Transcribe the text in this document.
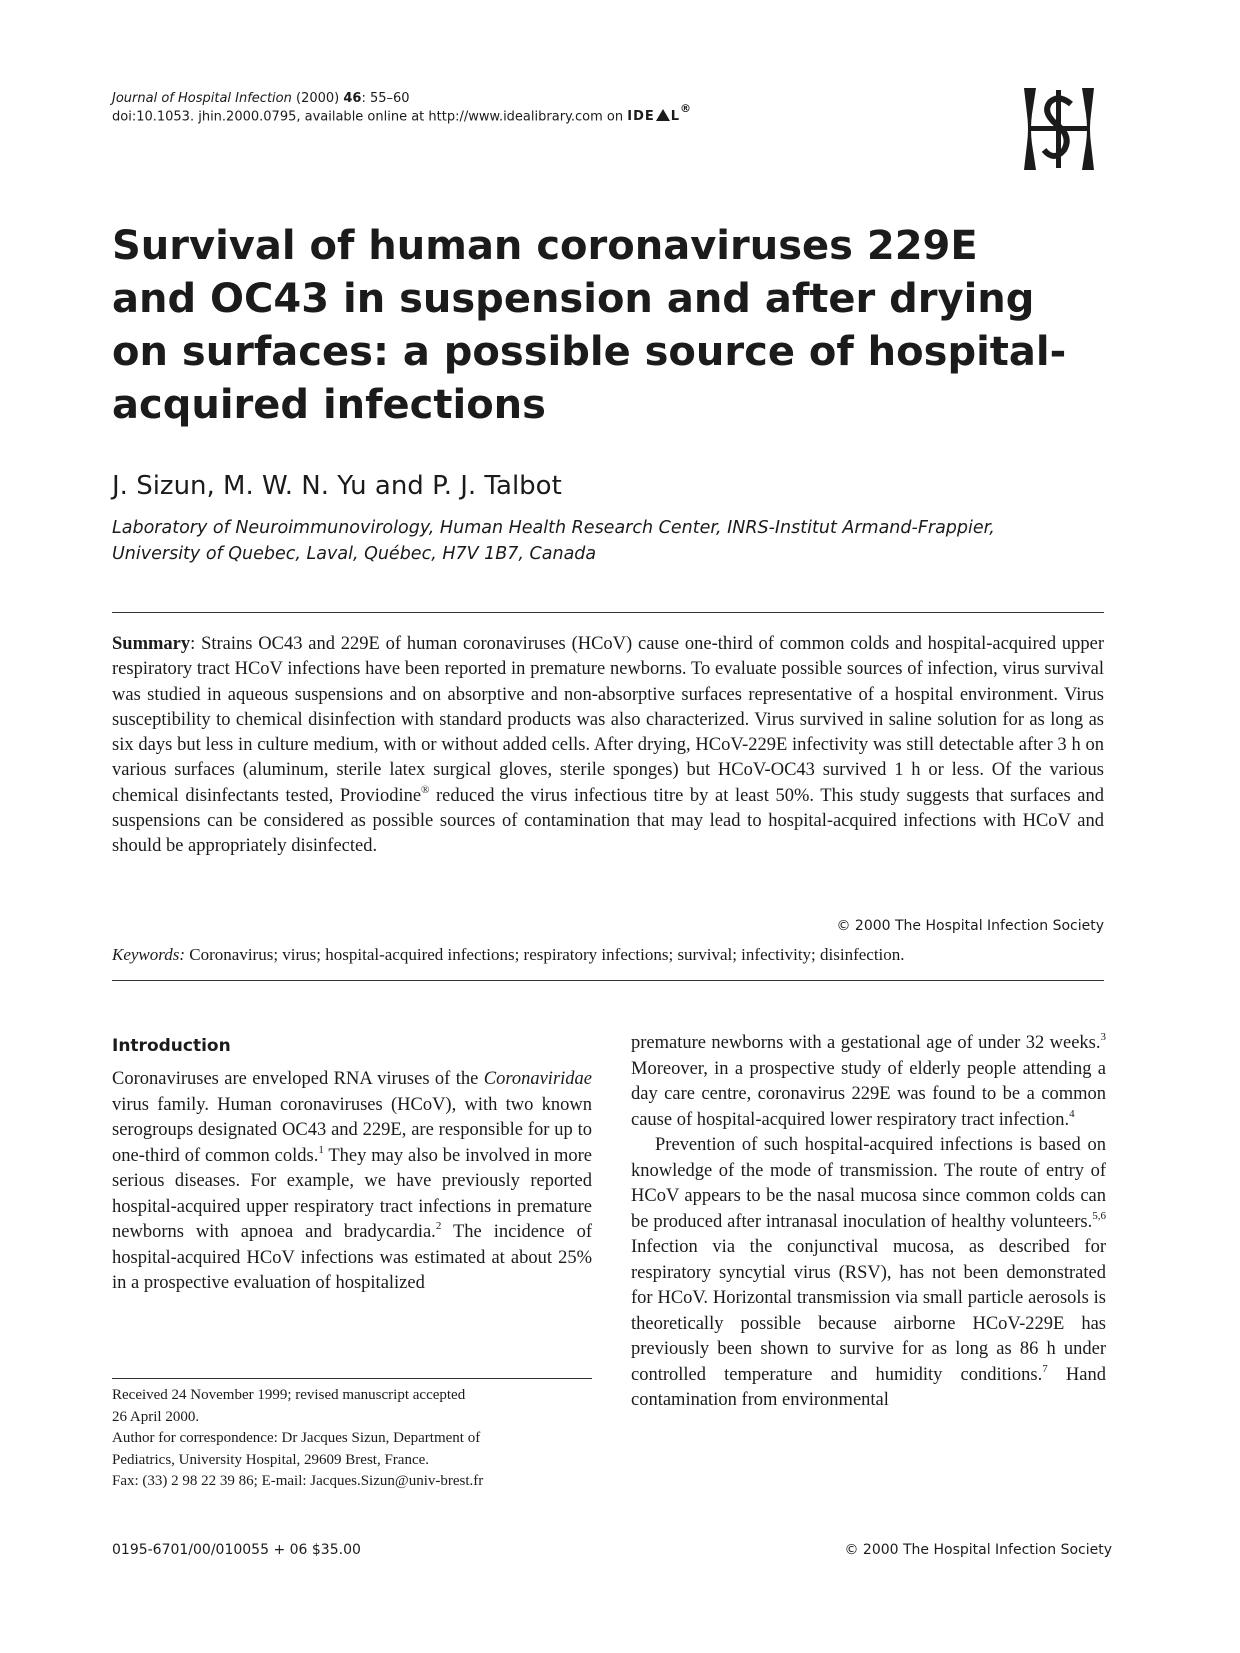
Journal of Hospital Infection (2000) 46: 55–60
doi:10.1053. jhin.2000.0795, available online at http://www.idealibrary.com on IDE L®
Survival of human coronaviruses 229E and OC43 in suspension and after drying on surfaces: a possible source of hospital-acquired infections
J. Sizun, M. W. N. Yu and P. J. Talbot
Laboratory of Neuroimmunovirology, Human Health Research Center, INRS-Institut Armand-Frappier,
University of Quebec, Laval, Québec, H7V 1B7, Canada

Summary: Strains OC43 and 229E of human coronaviruses (HCoV) cause one-third of common colds and hospital-acquired upper respiratory tract HCoV infections have been reported in premature newborns. To evaluate possible sources of infection, virus survival was studied in aqueous suspensions and on absorptive and non-absorptive surfaces representative of a hospital environment. Virus susceptibility to chemical disinfection with standard products was also characterized. Virus survived in saline solution for as long as six days but less in culture medium, with or without added cells. After drying, HCoV-229E infectivity was still detectable after 3 h on various surfaces (aluminum, sterile latex surgical gloves, sterile sponges) but HCoV-OC43 survived 1 h or less. Of the various chemical disinfectants tested, Proviodine® reduced the virus infectious titre by at least 50%. This study suggests that surfaces and suspensions can be considered as possible sources of contamination that may lead to hospital-acquired infections with HCoV and should be appropriately disinfected.

© 2000 The Hospital Infection Society
Keywords: Coronavirus; virus; hospital-acquired infections; respiratory infections; survival; infectivity; disinfection.
Introduction

Coronaviruses are enveloped RNA viruses of the Coronaviridae virus family. Human coronaviruses (HCoV), with two known serogroups designated OC43 and 229E, are responsible for up to one-third of common colds.$^1$ They may also be involved in more serious diseases. For example, we have previously reported hospital-acquired upper respiratory tract infections in premature newborns with apnoea and bradycardia.$^2$ The incidence of hospital-acquired HCoV infections was estimated at about 25% in a prospective evaluation of hospitalized

premature newborns with a gestational age of under 32 weeks.$^3$ Moreover, in a prospective study of elderly people attending a day care centre, coronavirus 229E was found to be a common cause of hospital-acquired lower respiratory tract infection.$^4$

Prevention of such hospital-acquired infections is based on knowledge of the mode of transmission. The route of entry of HCoV appears to be the nasal mucosa since common colds can be produced after intranasal inoculation of healthy volunteers.$^{5,6}$ Infection via the conjunctival mucosa, as described for respiratory syncytial virus (RSV), has not been demonstrated for HCoV. Horizontal transmission via small particle aerosols is theoretically possible because airborne HCoV-229E has previously been shown to survive for as long as 86 h under controlled temperature and humidity conditions.$^7$ Hand contamination from environmental

Received 24 November 1999; revised manuscript accepted
26 April 2000.
Author for correspondence: Dr Jacques Sizun, Department of
Pediatrics, University Hospital, 29609 Brest, France.
Fax: (33) 2 98 22 39 86; E-mail: Jacques.Sizun@univ-brest.fr
0195-6701/00/010055 + 06 $35.00	© 2000 The Hospital Infection Society
